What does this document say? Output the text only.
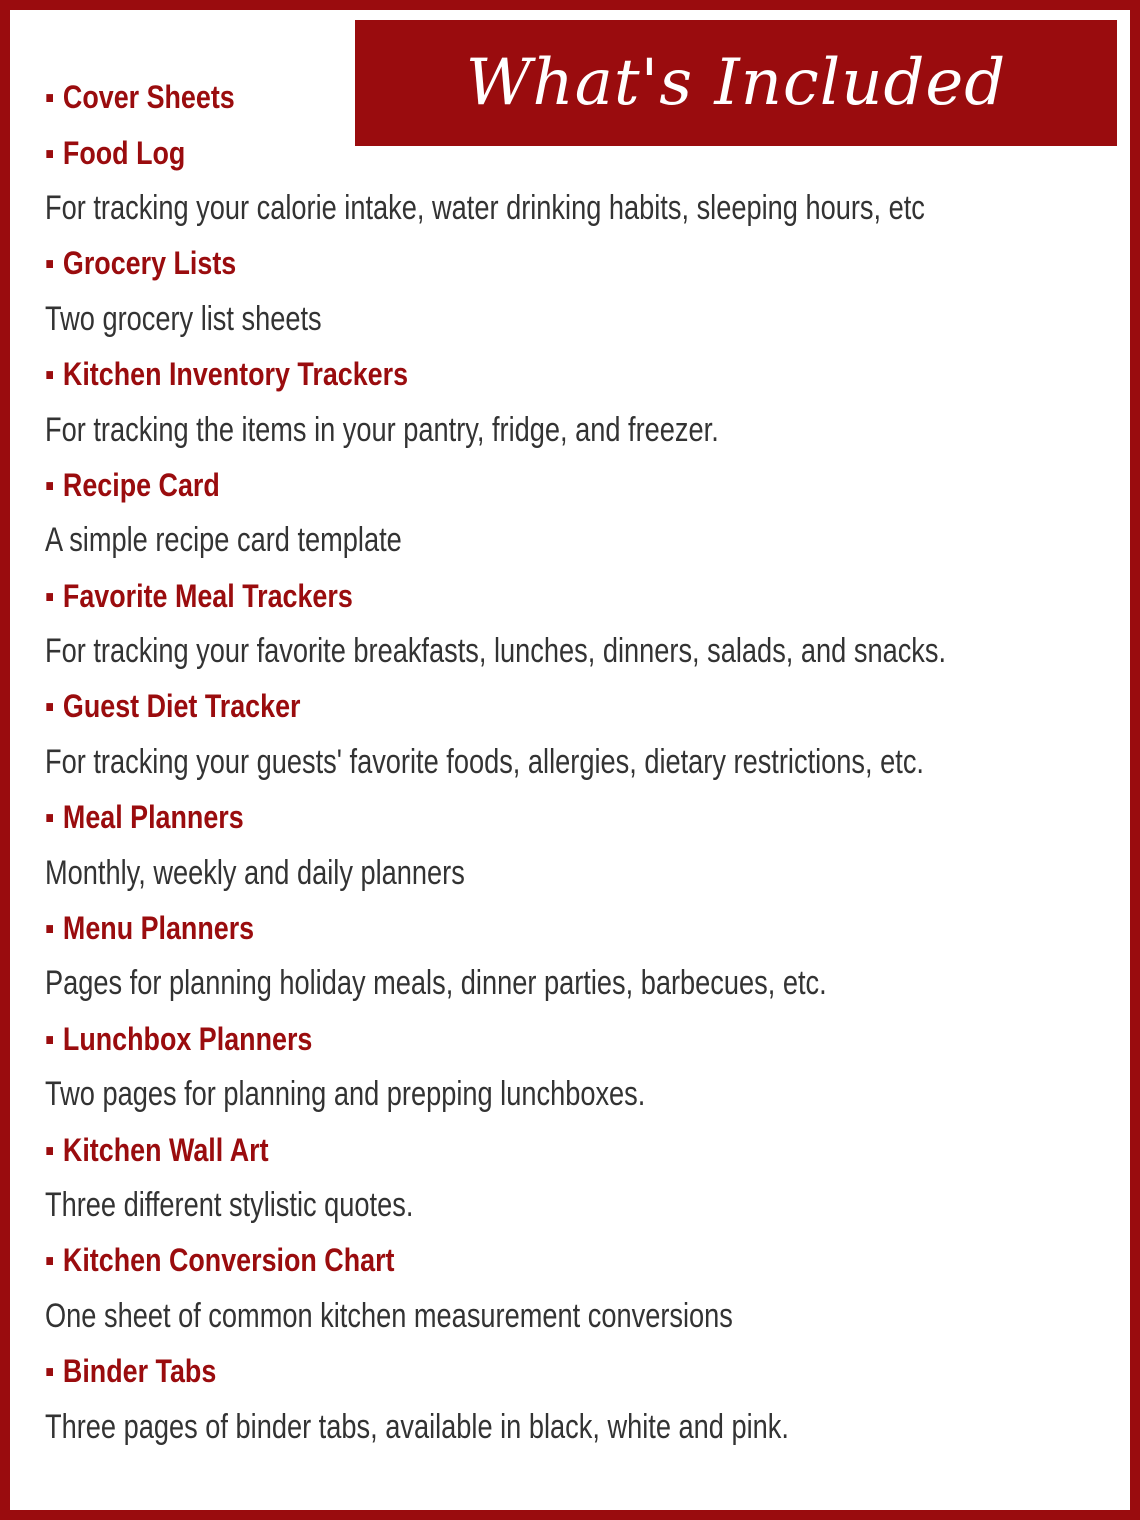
What's Included
▪ Cover Sheets
▪ Food Log
For tracking your calorie intake, water drinking habits, sleeping hours, etc
▪ Grocery Lists
Two grocery list sheets
▪ Kitchen Inventory Trackers
For tracking the items in your pantry, fridge, and freezer.
▪ Recipe Card
A simple recipe card template
▪ Favorite Meal Trackers
For tracking your favorite breakfasts, lunches, dinners, salads, and snacks.
▪ Guest Diet Tracker
For tracking your guests' favorite foods, allergies, dietary restrictions, etc.
▪ Meal Planners
Monthly, weekly and daily planners
▪ Menu Planners
Pages for planning holiday meals, dinner parties, barbecues, etc.
▪ Lunchbox Planners
Two pages for planning and prepping lunchboxes.
▪ Kitchen Wall Art
Three different stylistic quotes.
▪ Kitchen Conversion Chart
One sheet of common kitchen measurement conversions
▪ Binder Tabs
Three pages of binder tabs, available in black, white and pink.
